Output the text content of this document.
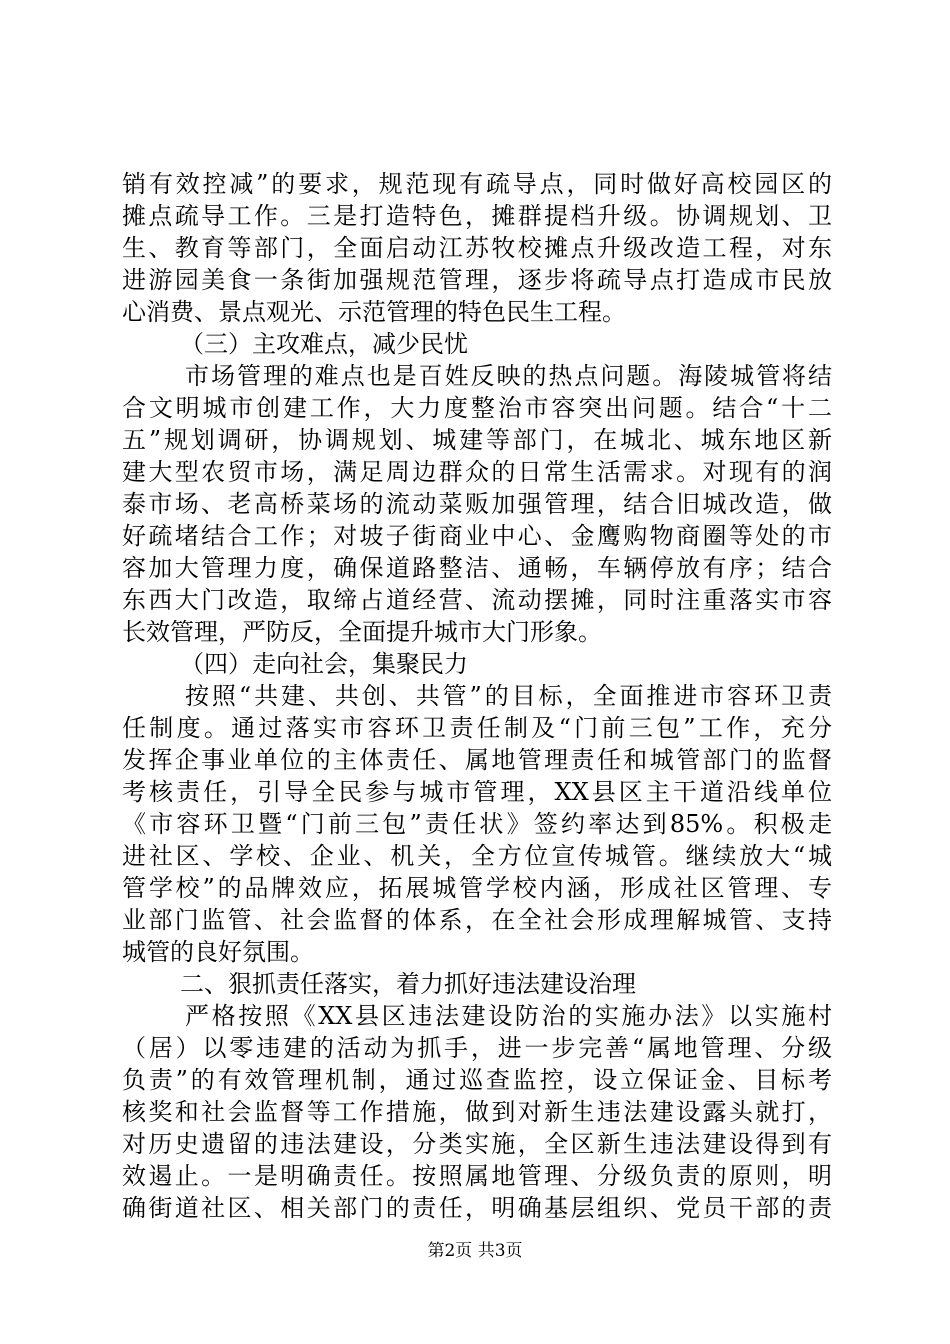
销有效控减”的要求，规范现有疏导点，同时做好高校园区的
摊点疏导工作。三是打造特色，摊群提档升级。协调规划、卫
生、教育等部门，全面启动江苏牧校摊点升级改造工程，对东
进游园美食一条街加强规范管理，逐步将疏导点打造成市民放
心消费、景点观光、示范管理的特色民生工程。
（三）主攻难点，减少民忧
市场管理的难点也是百姓反映的热点问题。海陵城管将结
合文明城市创建工作，大力度整治市容突出问题。结合“十二
五”规划调研，协调规划、城建等部门，在城北、城东地区新
建大型农贸市场，满足周边群众的日常生活需求。对现有的润
泰市场、老高桥菜场的流动菜贩加强管理，结合旧城改造，做
好疏堵结合工作；对坡子街商业中心、金鹰购物商圈等处的市
容加大管理力度，确保道路整洁、通畅，车辆停放有序；结合
东西大门改造，取缔占道经营、流动摆摊，同时注重落实市容
长效管理，严防反，全面提升城市大门形象。
（四）走向社会，集聚民力
按照“共建、共创、共管”的目标，全面推进市容环卫责
任制度。通过落实市容环卫责任制及“门前三包”工作，充分
发挥企事业单位的主体责任、属地管理责任和城管部门的监督
考核责任，引导全民参与城市管理，XX县区主干道沿线单位
《市容环卫暨“门前三包”责任状》签约率达到85%。积极走
进社区、学校、企业、机关，全方位宣传城管。继续放大“城
管学校”的品牌效应，拓展城管学校内涵，形成社区管理、专
业部门监管、社会监督的体系，在全社会形成理解城管、支持
城管的良好氛围。
二、狠抓责任落实，着力抓好违法建设治理
严格按照《XX县区违法建设防治的实施办法》以实施村
（居）以零违建的活动为抓手，进一步完善“属地管理、分级
负责”的有效管理机制，通过巡查监控，设立保证金、目标考
核奖和社会监督等工作措施，做到对新生违法建设露头就打，
对历史遗留的违法建设，分类实施，全区新生违法建设得到有
效遏止。一是明确责任。按照属地管理、分级负责的原则，明
确街道社区、相关部门的责任，明确基层组织、党员干部的责
第2页 共3页
